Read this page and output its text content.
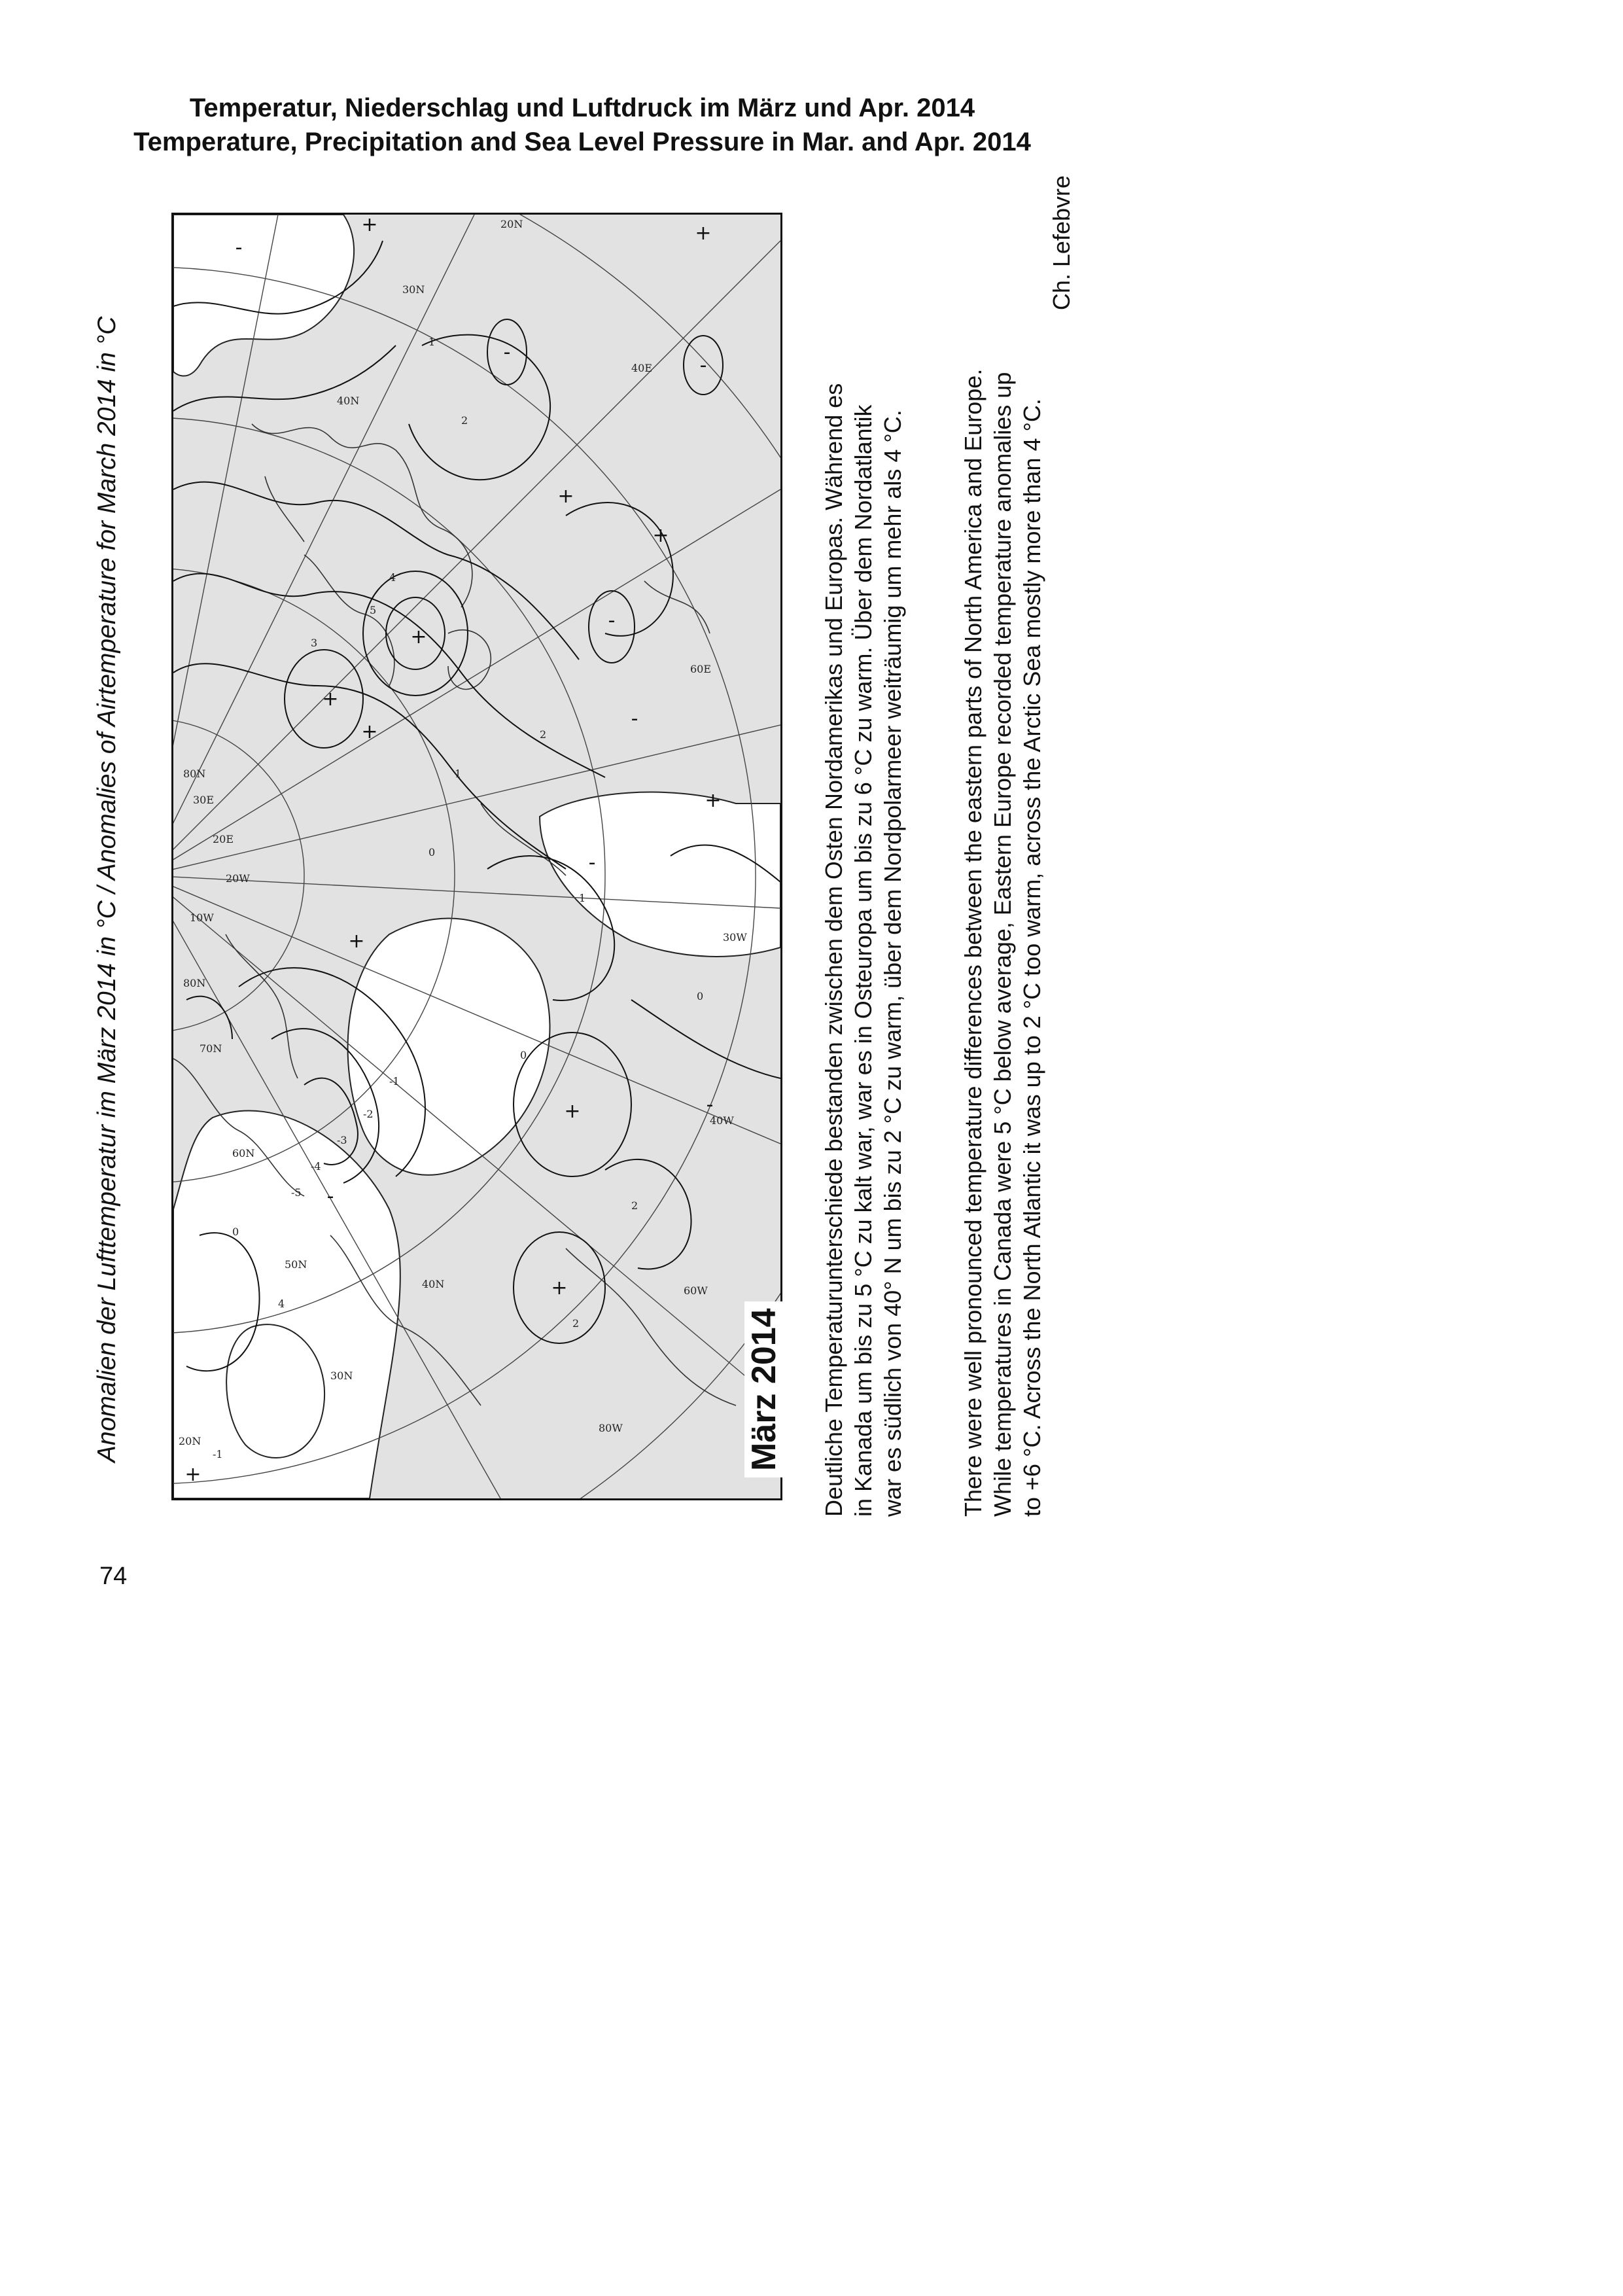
Temperatur, Niederschlag und Luftdruck im März und Apr. 2014
Temperature, Precipitation and Sea Level Pressure in Mar. and Apr. 2014
Anomalien der Lufttemperatur im März 2014 in °C / Anomalies of Airtemperature for March 2014 in °C	20N
30N
40N
50N
60N
70N
80N
80N
40E
60E
30E
20E
10W
20W
30W
40W
60W
80W
40N
30N
20N
1
2
4
5
3
2
1
0
0
-1
-2
-3
-4
-5
0
2
4
2
1
0
-1
-
+
-
+
+
+
+
-
-
+
-
+
+
-
+
-
+
-
+
+
März 2014 Deutliche Temperaturunterschiede bestanden zwischen dem Osten Nordamerikas und Europas. Während es in Kanada um bis zu 5 °C zu kalt war, war es in Osteuropa um bis zu 6 °C zu warm. Über dem Nordatlantik war es südlich von 40° N um bis zu 2 °C zu warm, über dem Nordpolarmeer weiträumig um mehr als 4 °C. There were well pronounced temperature differences between the eastern parts of North America and Europe. While temperatures in Canada were 5 °C below average, Eastern Europe recorded temperature anomalies up to +6 °C. Across the North Atlantic it was up to 2 °C too warm, across the Arctic Sea mostly more than 4 °C.

Ch. Lefebvre

74
